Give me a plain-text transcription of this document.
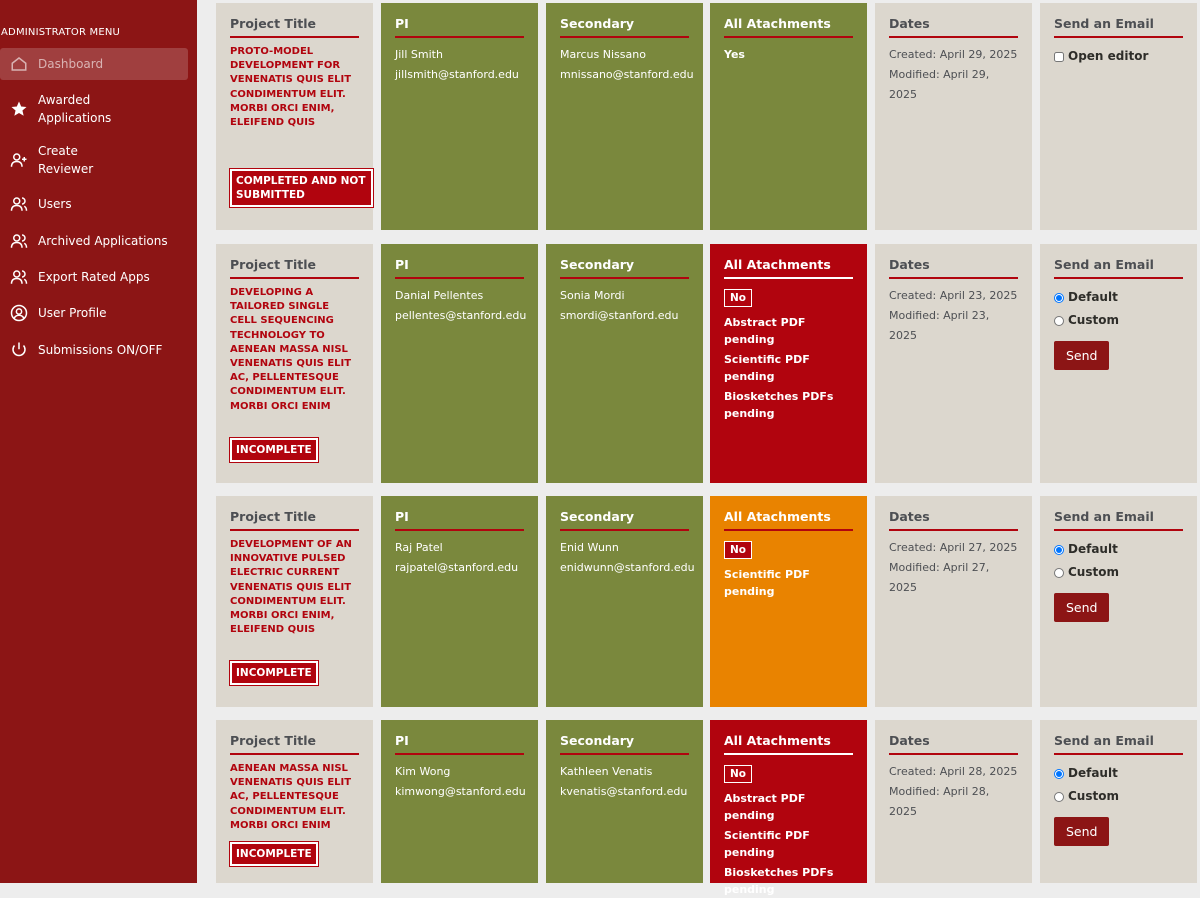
ADMINISTRATOR MENU
Dashboard
Awarded Applications
Create Reviewer
Users
Archived Applications
Export Rated Apps
User Profile
Submissions ON/OFF
Project Title
PROTO-MODEL DEVELOPMENT FOR VENENATIS QUIS ELIT CONDIMENTUM ELIT. MORBI ORCI ENIM, ELEIFEND QUIS
COMPLETED AND NOT SUBMITTED
PI
Jill Smith
jillsmith@stanford.edu
Secondary
Marcus Nissano
mnissano@stanford.edu
All Atachments
Yes
Dates
Created: April 29, 2025
Modified: April 29, 2025
Send an Email
Open editor
Project Title
DEVELOPING A TAILORED SINGLE CELL SEQUENCING TECHNOLOGY TO AENEAN MASSA NISL VENENATIS QUIS ELIT AC, PELLENTESQUE CONDIMENTUM ELIT. MORBI ORCI ENIM
INCOMPLETE
PI
Danial Pellentes
pellentes@stanford.edu
Secondary
Sonia Mordi
smordi@stanford.edu
All Atachments
No
Abstract PDF pending
Scientific PDF pending
Biosketches PDFs pending
Dates
Created: April 23, 2025
Modified: April 23, 2025
Send an Email
Default
Custom
Send
Project Title
DEVELOPMENT OF AN INNOVATIVE PULSED ELECTRIC CURRENT VENENATIS QUIS ELIT CONDIMENTUM ELIT. MORBI ORCI ENIM, ELEIFEND QUIS
INCOMPLETE
PI
Raj Patel
rajpatel@stanford.edu
Secondary
Enid Wunn
enidwunn@stanford.edu
All Atachments
No
Scientific PDF pending
Dates
Created: April 27, 2025
Modified: April 27, 2025
Send an Email
Default
Custom
Send
Project Title
AENEAN MASSA NISL VENENATIS QUIS ELIT AC, PELLENTESQUE CONDIMENTUM ELIT. MORBI ORCI ENIM
INCOMPLETE
PI
Kim Wong
kimwong@stanford.edu
Secondary
Kathleen Venatis
kvenatis@stanford.edu
All Atachments
No
Abstract PDF pending
Scientific PDF pending
Biosketches PDFs pending
Dates
Created: April 28, 2025
Modified: April 28, 2025
Send an Email
Default
Custom
Send
